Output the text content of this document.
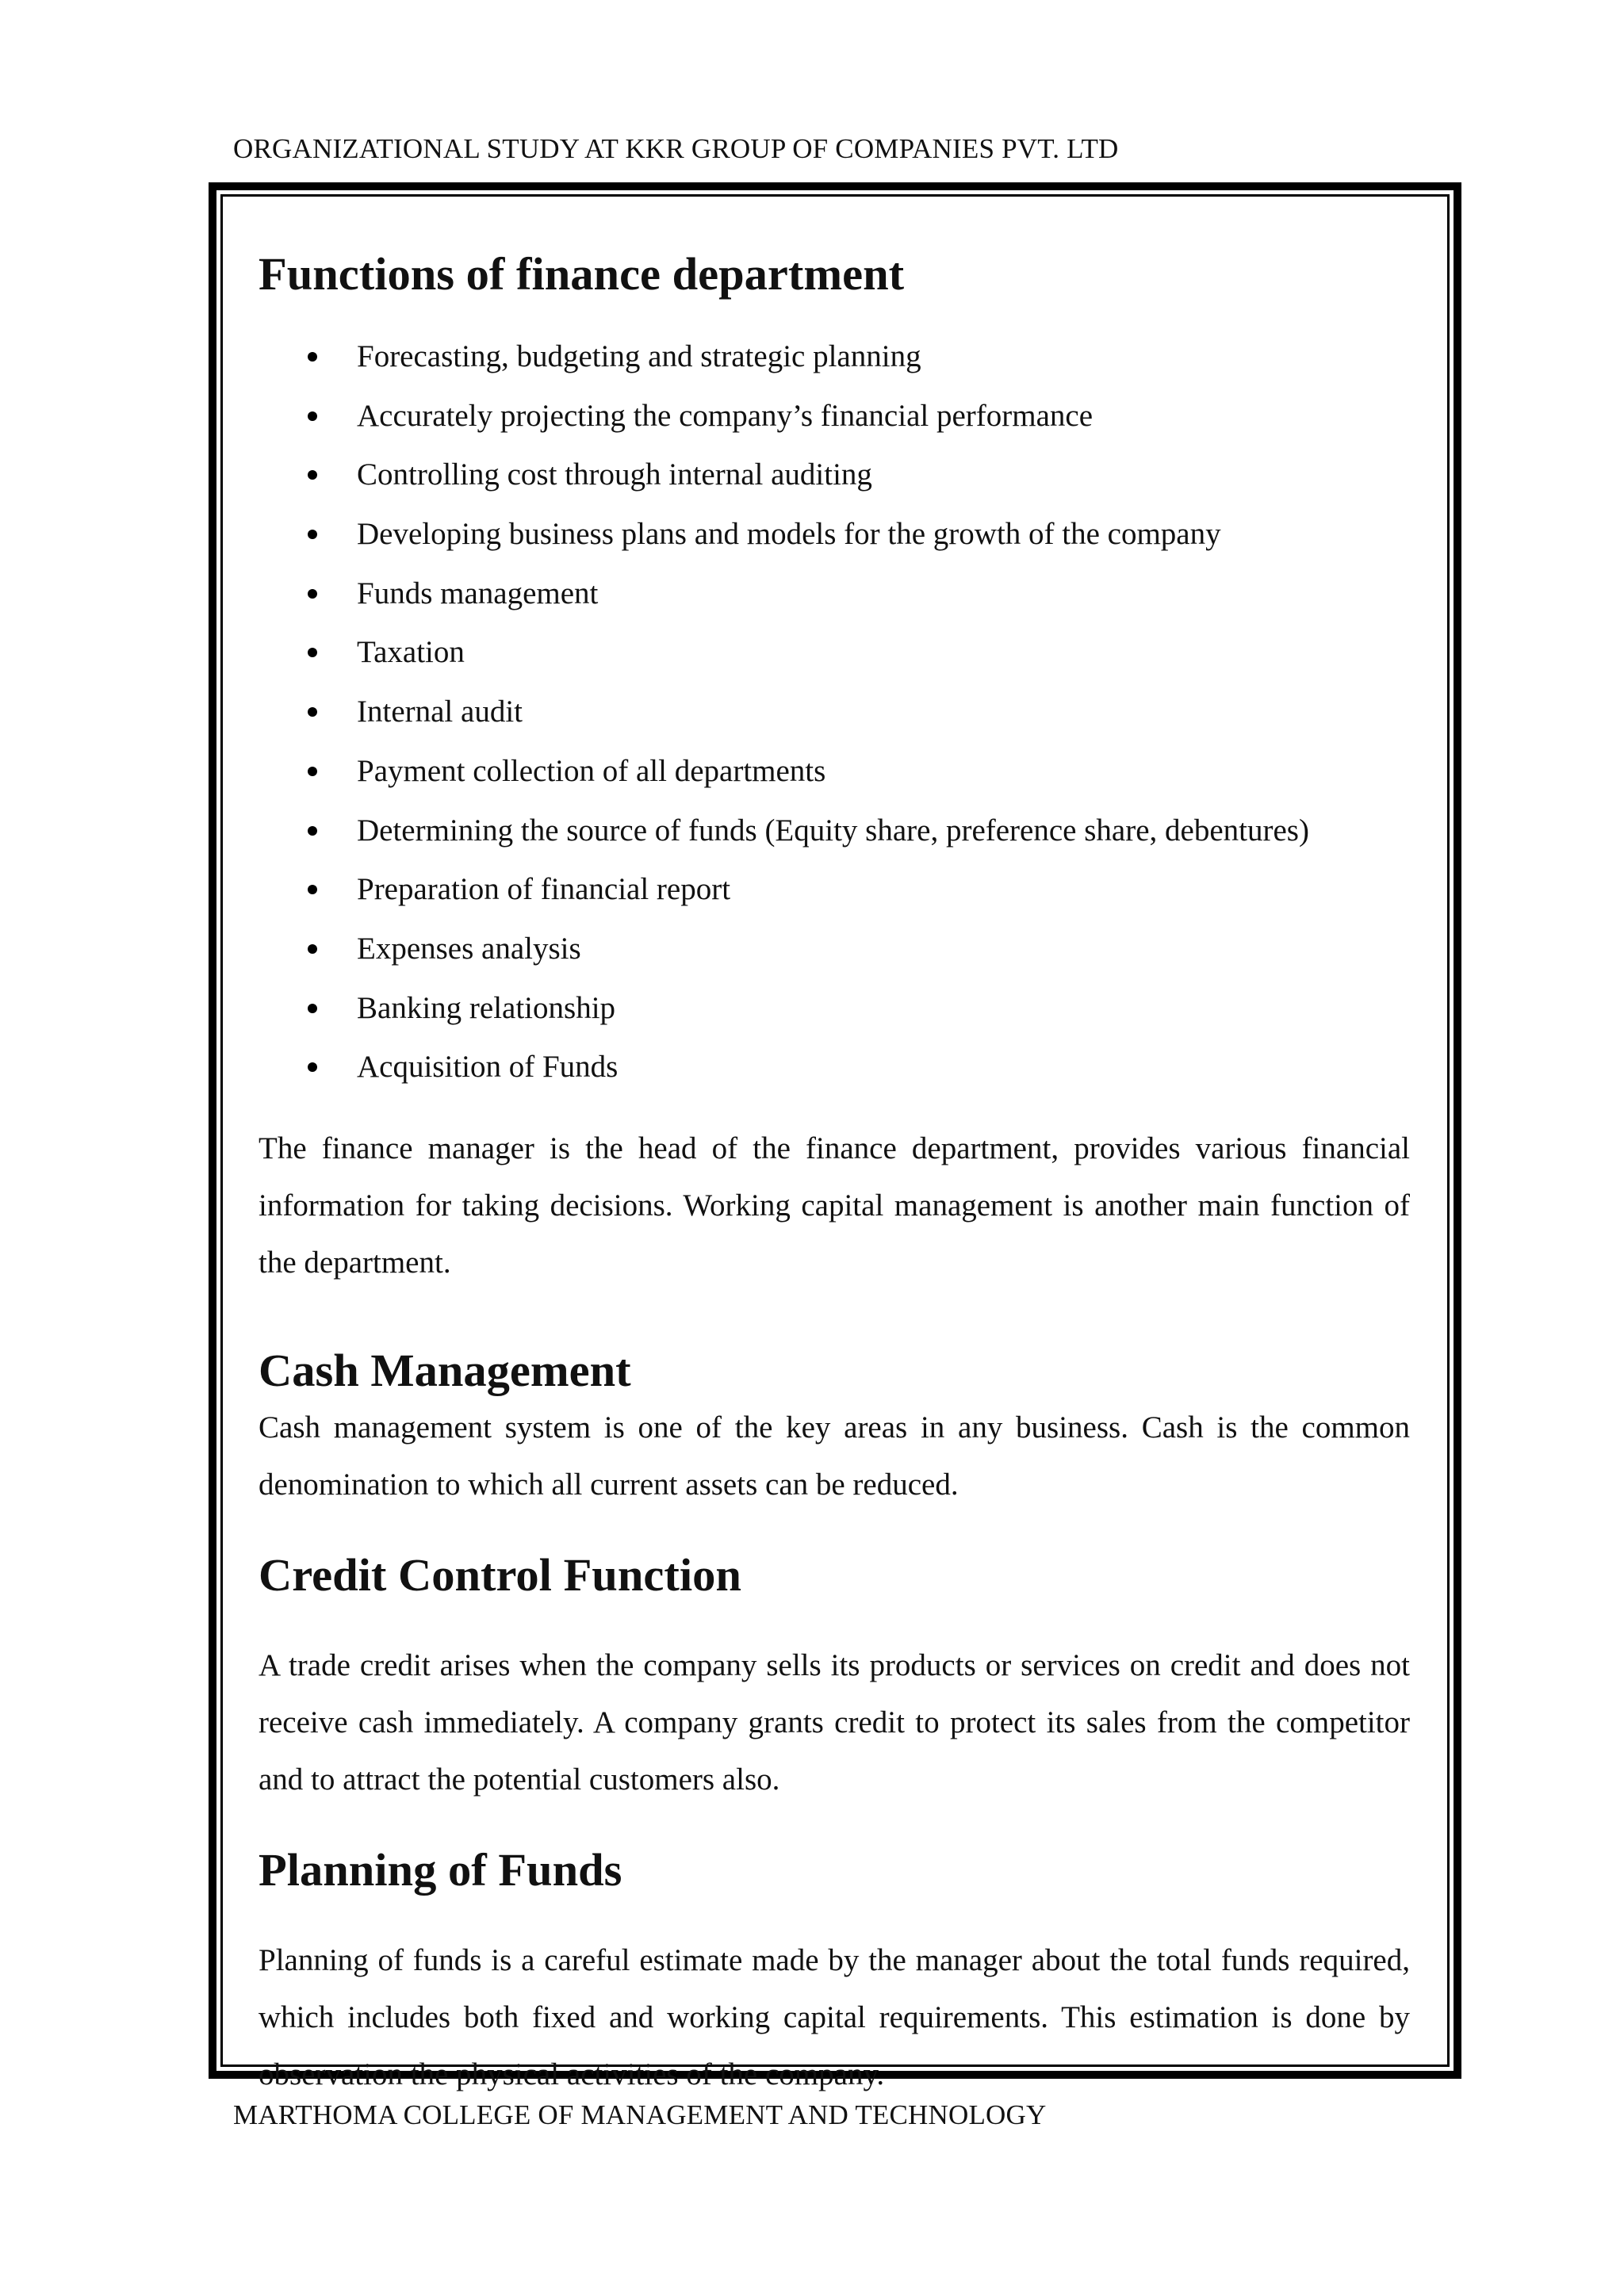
ORGANIZATIONAL STUDY AT KKR GROUP OF COMPANIES PVT. LTD
Functions of finance department
Forecasting, budgeting and strategic planning
Accurately projecting the company’s financial performance
Controlling cost through internal auditing
Developing business plans and models for the growth of the company
Funds management
Taxation
Internal audit
Payment collection of all departments
Determining the source of funds (Equity share, preference share, debentures)
Preparation of financial report
Expenses analysis
Banking relationship
Acquisition of Funds

The finance manager is the head of the finance department, provides various financial information for taking decisions. Working capital management is another main function of the department.

Cash Management

Cash management system is one of the key areas in any business. Cash is the common denomination to which all current assets can be reduced.

Credit Control Function

A trade credit arises when the company sells its products or services on credit and does not receive cash immediately. A company grants credit to protect its sales from the competitor and to attract the potential customers also.

Planning of Funds

Planning of funds is a careful estimate made by the manager about the total funds required, which includes both fixed and working capital requirements. This estimation is done by observation the physical activities of the company.

MARTHOMA COLLEGE OF MANAGEMENT AND TECHNOLOGY
